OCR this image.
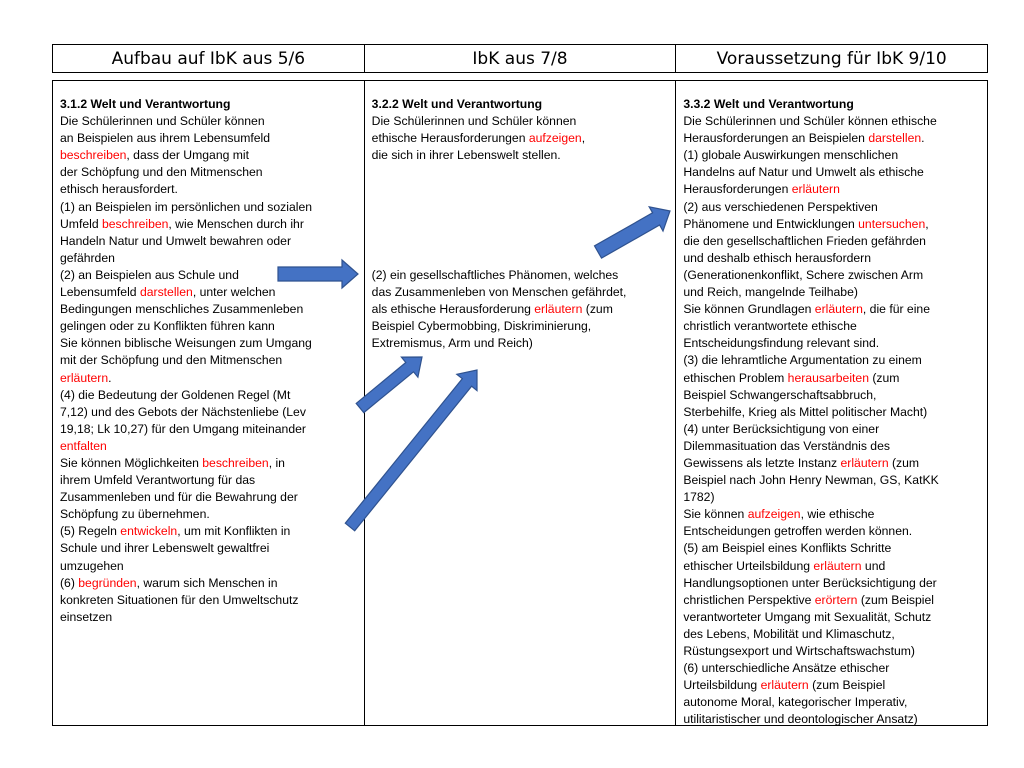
Aufbau auf IbK aus 5/6	IbK aus 7/8	Voraussetzung für IbK 9/10
3.1.2 Welt und Verantwortung
Die Schülerinnen und Schüler können
an Beispielen aus ihrem Lebensumfeld
beschreiben, dass der Umgang mit
der Schöpfung und den Mitmenschen
ethisch herausfordert.
(1) an Beispielen im persönlichen und sozialen
Umfeld beschreiben, wie Menschen durch ihr
Handeln Natur und Umwelt bewahren oder
gefährden
(2) an Beispielen aus Schule und
Lebensumfeld darstellen, unter welchen
Bedingungen menschliches Zusammenleben
gelingen oder zu Konflikten führen kann
Sie können biblische Weisungen zum Umgang
mit der Schöpfung und den Mitmenschen
erläutern.
(4) die Bedeutung der Goldenen Regel (Mt
7,12) und des Gebots der Nächstenliebe (Lev
19,18; Lk 10,27) für den Umgang miteinander
entfalten
Sie können Möglichkeiten beschreiben, in
ihrem Umfeld Verantwortung für das
Zusammenleben und für die Bewahrung der
Schöpfung zu übernehmen.
(5) Regeln entwickeln, um mit Konflikten in
Schule und ihrer Lebenswelt gewaltfrei
umzugehen
(6) begründen, warum sich Menschen in
konkreten Situationen für den Umweltschutz
einsetzen
3.2.2 Welt und Verantwortung
Die Schülerinnen und Schüler können
ethische Herausforderungen aufzeigen,
die sich in ihrer Lebenswelt stellen.

(2) ein gesellschaftliches Phänomen, welches
das Zusammenleben von Menschen gefährdet,
als ethische Herausforderung erläutern (zum
Beispiel Cybermobbing, Diskriminierung,
Extremismus, Arm und Reich)
3.3.2 Welt und Verantwortung
Die Schülerinnen und Schüler können ethische
Herausforderungen an Beispielen darstellen.
(1) globale Auswirkungen menschlichen
Handelns auf Natur und Umwelt als ethische
Herausforderungen erläutern
(2) aus verschiedenen Perspektiven
Phänomene und Entwicklungen untersuchen,
die den gesellschaftlichen Frieden gefährden
und deshalb ethisch herausfordern
(Generationenkonflikt, Schere zwischen Arm
und Reich, mangelnde Teilhabe)
Sie können Grundlagen erläutern, die für eine
christlich verantwortete ethische
Entscheidungsfindung relevant sind.
(3) die lehramtliche Argumentation zu einem
ethischen Problem herausarbeiten (zum
Beispiel Schwangerschaftsabbruch,
Sterbehilfe, Krieg als Mittel politischer Macht)
(4) unter Berücksichtigung von einer
Dilemmasituation das Verständnis des
Gewissens als letzte Instanz erläutern (zum
Beispiel nach John Henry Newman, GS, KatKK
1782)
Sie können aufzeigen, wie ethische
Entscheidungen getroffen werden können.
(5) am Beispiel eines Konflikts Schritte
ethischer Urteilsbildung erläutern und
Handlungsoptionen unter Berücksichtigung der
christlichen Perspektive erörtern (zum Beispiel
verantworteter Umgang mit Sexualität, Schutz
des Lebens, Mobilität und Klimaschutz,
Rüstungsexport und Wirtschaftswachstum)
(6) unterschiedliche Ansätze ethischer
Urteilsbildung erläutern (zum Beispiel
autonome Moral, kategorischer Imperativ,
utilitaristischer und deontologischer Ansatz)
